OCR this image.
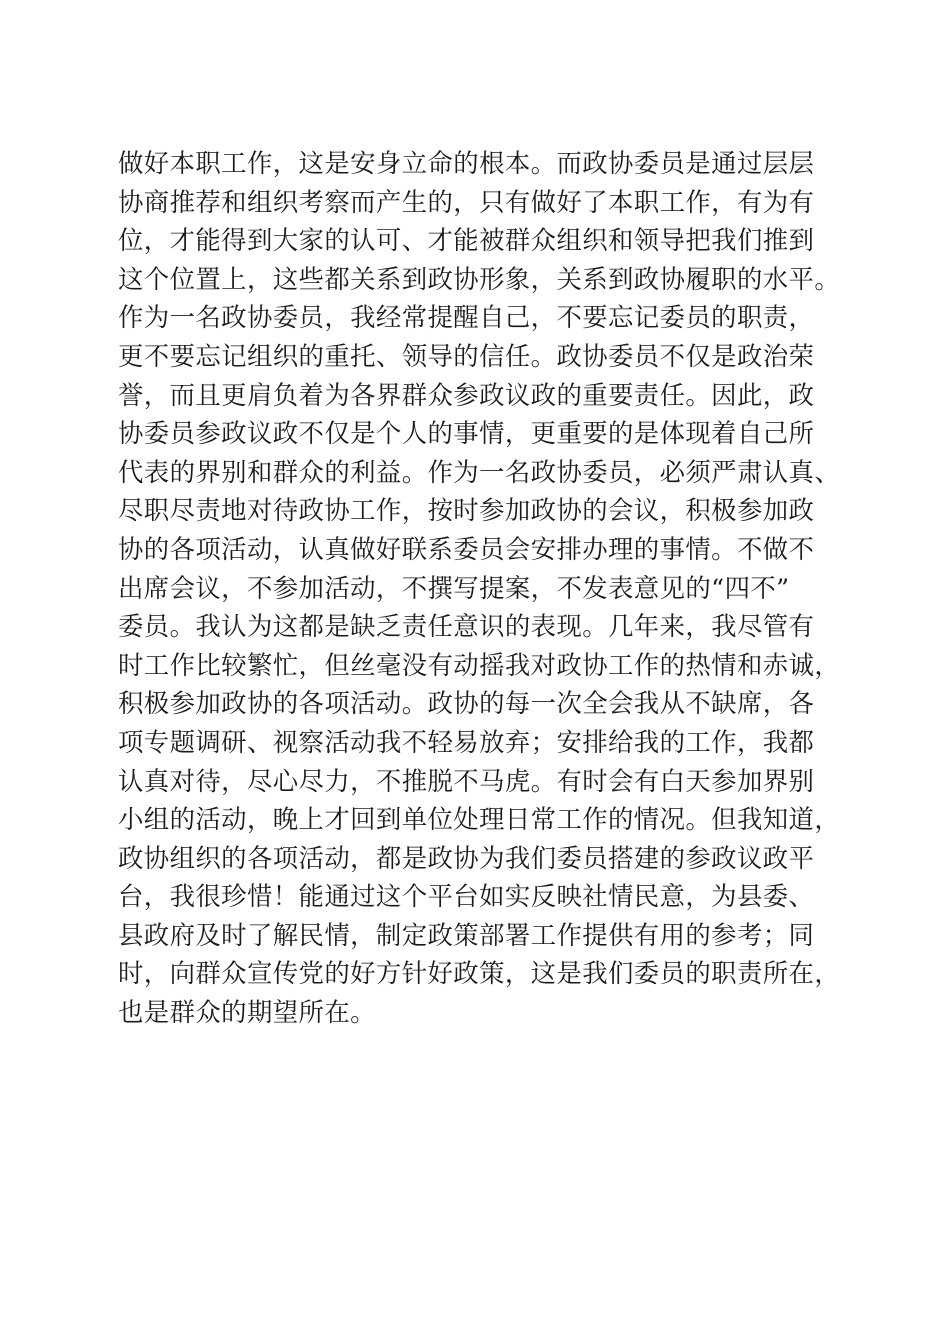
做好本职工作，这是安身立命的根本。而政协委员是通过层层
协商推荐和组织考察而产生的，只有做好了本职工作，有为有
位，才能得到大家的认可、才能被群众组织和领导把我们推到
这个位置上，这些都关系到政协形象，关系到政协履职的水平。
作为一名政协委员，我经常提醒自己，不要忘记委员的职责，
更不要忘记组织的重托、领导的信任。政协委员不仅是政治荣
誉，而且更肩负着为各界群众参政议政的重要责任。因此，政
协委员参政议政不仅是个人的事情，更重要的是体现着自己所
代表的界别和群众的利益。作为一名政协委员，必须严肃认真、
尽职尽责地对待政协工作，按时参加政协的会议，积极参加政
协的各项活动，认真做好联系委员会安排办理的事情。不做不
出席会议，不参加活动，不撰写提案，不发表意见的“四不”
委员。我认为这都是缺乏责任意识的表现。几年来，我尽管有
时工作比较繁忙，但丝毫没有动摇我对政协工作的热情和赤诚，
积极参加政协的各项活动。政协的每一次全会我从不缺席，各
项专题调研、视察活动我不轻易放弃；安排给我的工作，我都
认真对待，尽心尽力，不推脱不马虎。有时会有白天参加界别
小组的活动，晚上才回到单位处理日常工作的情况。但我知道，
政协组织的各项活动，都是政协为我们委员搭建的参政议政平
台，我很珍惜！能通过这个平台如实反映社情民意，为县委、
县政府及时了解民情，制定政策部署工作提供有用的参考；同
时，向群众宣传党的好方针好政策，这是我们委员的职责所在，
也是群众的期望所在。
